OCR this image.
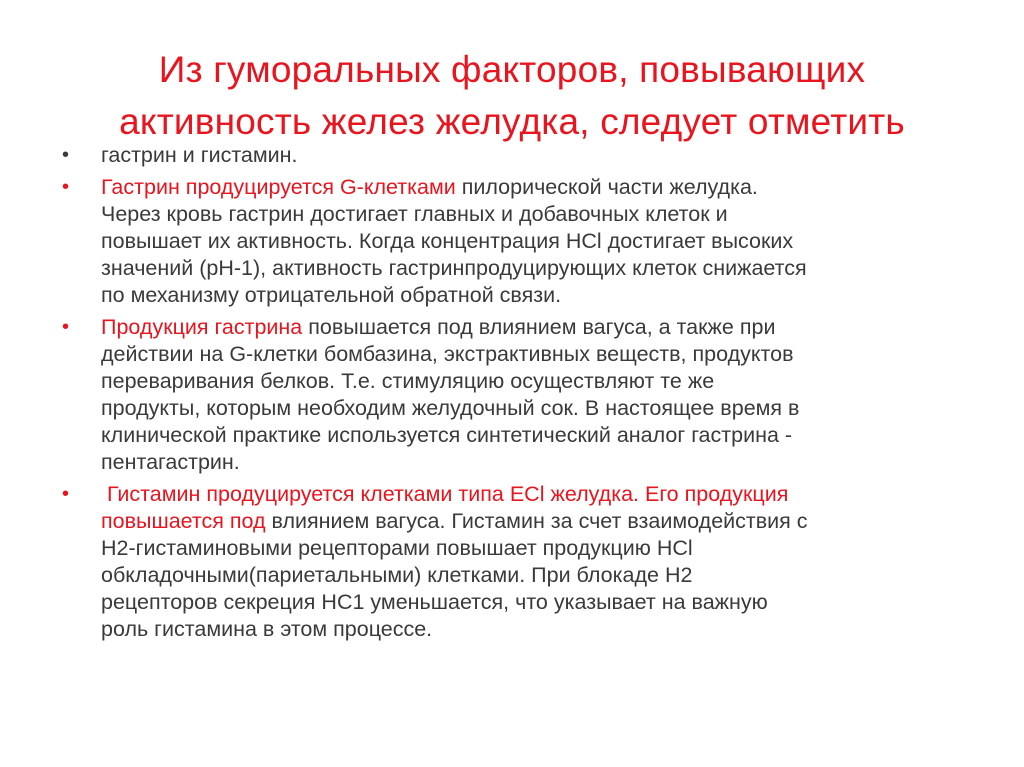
Из гуморальных факторов, повывающих
активность желез желудка, следует отметить
• гастрин и гистамин.
• Гастрин продуцируется G-клетками пилорической части желудка.
Через кровь гастрин достигает главных и добавочных клеток и
повышает их активность. Когда концентрация HCl достигает высоких
значений (рН-1), активность гастринпродуцирующих клеток снижается
по механизму отрицательной обратной связи.
• Продукция гастрина повышается под влиянием вагуса, а также при
действии на G-клетки бомбазина, экстрактивных веществ, продуктов
переваривания белков. Т.е. стимуляцию осуществляют те же
продукты, которым необходим желудочный сок. В настоящее время в
клинической практике используется синтетический аналог гастрина -
пентагастрин.
• Гистамин продуцируется клетками типа ECl желудка. Его продукция
повышается под влиянием вагуса. Гистамин за счет взаимодействия с
Н2-гистаминовыми рецепторами повышает продукцию HCl
обкладочными(париетальными) клетками. При блокаде Н2
рецепторов секреция НС1 уменьшается, что указывает на важную
роль гистамина в этом процессе.
